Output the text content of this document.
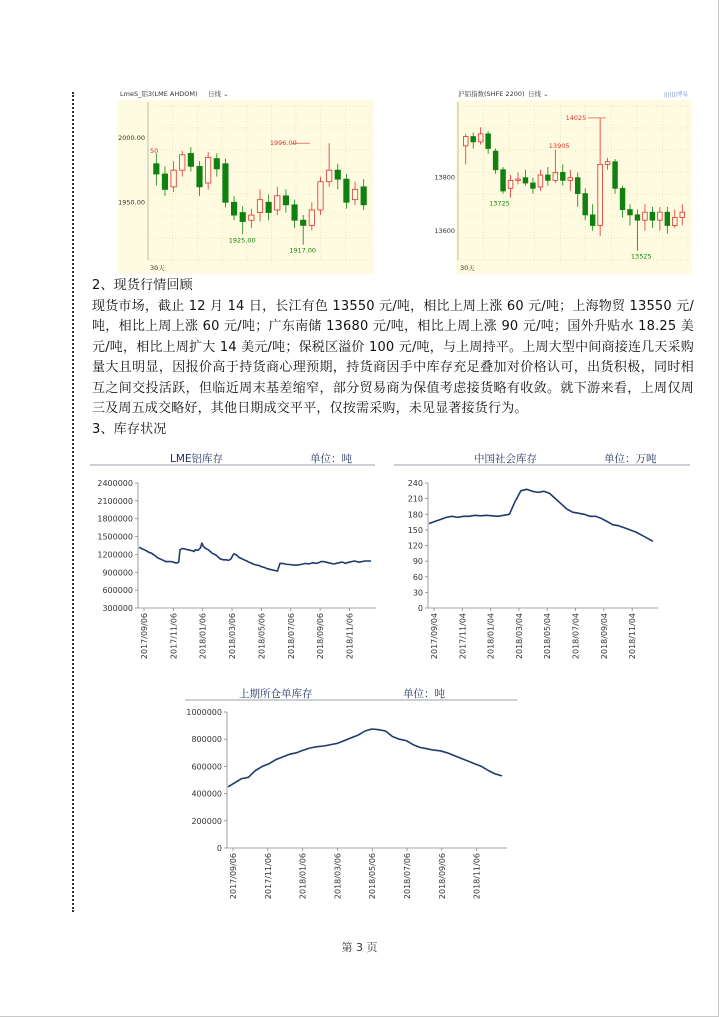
LmeS_铝3(LME AHDOM) 日线 ⌄
2000.00
1950.00
50
1996.00
1925.00
1917.00
30天
沪铝指数(SHFE 2200) 日线 ⌄	|||||||博易
13800
13600
14025
13905
13725
13525
30天
2、现货行情回顾

现货市场，截止 12 月 14 日，长江有色 13550 元/吨，相比上周上涨 60 元/吨；上海物贸 13550 元/吨，相比上周上涨 60 元/吨；广东南储 13680 元/吨，相比上周上涨 90 元/吨；国外升贴水 18.25 美元/吨，相比上周扩大 14 美元/吨；保税区溢价 100 元/吨，与上周持平。上周大型中间商接连几天采购量大且明显，因报价高于持货商心理预期，持货商因手中库存充足叠加对价格认可，出货积极，同时相互之间交投活跃，但临近周末基差缩窄，部分贸易商为保值考虑接货略有收敛。就下游来看，上周仅周三及周五成交略好，其他日期成交平平，仅按需采购，未见显著接货行为。

3、库存状况
LME铝库存	单位：吨
2400000
2100000
1800000
1500000
1200000
900000
600000
300000
2017/09/06	2017/11/06	2018/01/06	2018/03/06	2018/05/06	2018/07/06	2018/09/06	2018/11/06
中国社会库存	单位：万吨
240
210
180
150
120
90
60
30
0
2017/09/04 2017/11/04 2018/01/04 2018/03/04 2018/05/04 2018/07/04 2018/09/04 2018/11/04
上期所仓单库存	单位：吨
1000000
800000
600000
400000
200000
0
2017/09/06	2017/11/06	2018/01/06	2018/03/06	2018/05/06	2018/07/06	2018/09/06	2018/11/06
第 3 页
